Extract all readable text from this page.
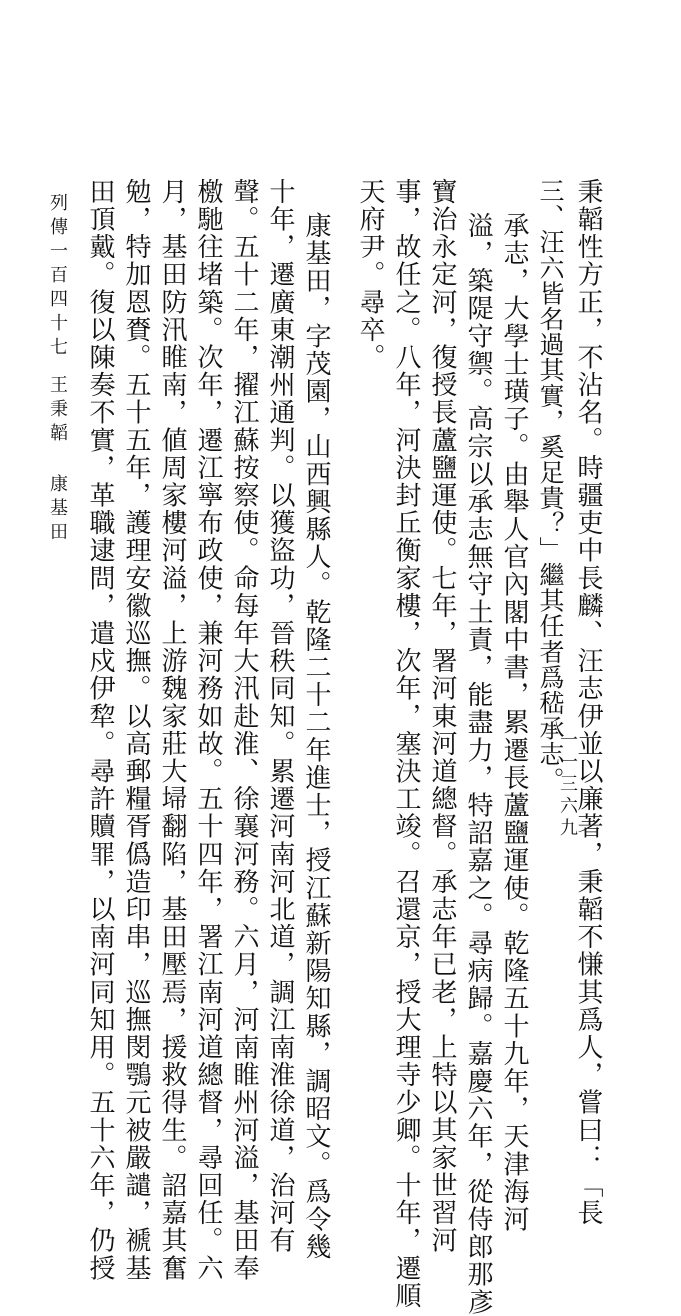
秉韜性方正，不沾名。時疆吏中長麟、汪志伊並以廉著，秉韜不慊其爲人，嘗曰：「長
三、汪六皆名過其實，奚足貴？」繼其任者爲嵇承志。
承志，大學士璜子。由舉人官內閣中書，累遷長蘆鹽運使。乾隆五十九年，天津海河
溢，築隄守禦。高宗以承志無守土責，能盡力，特詔嘉之。尋病歸。嘉慶六年，從侍郎那彥
寶治永定河，復授長蘆鹽運使。七年，署河東河道總督。承志年已老，上特以其家世習河
事，故任之。八年，河決封丘衡家樓，次年，塞決工竣。召還京，授大理寺少卿。十年，遷順
天府尹。尋卒。
康基田，字茂園，山西興縣人。乾隆二十二年進士，授江蘇新陽知縣，調昭文。爲令幾
十年，遷廣東潮州通判。以獲盜功，晉秩同知。累遷河南河北道，調江南淮徐道，治河有
聲。五十二年，擢江蘇按察使。命每年大汛赴淮、徐襄河務。六月，河南睢州河溢，基田奉
檄馳往堵築。次年，遷江寧布政使，兼河務如故。五十四年，署江南河道總督，尋回任。六
月，基田防汛睢南，値周家樓河溢，上游魏家莊大埽翻陷，基田壓焉，援救得生。詔嘉其奮
勉，特加恩賚。五十五年，護理安徽巡撫。以高郵糧胥僞造印串，巡撫閔鶚元被嚴譴，褫基
田頂戴。復以陳奏不實，革職逮問，遣戍伊犂。尋許贖罪，以南河同知用。五十六年，仍授
列傳一百四十七
王秉韜 康基田
一一三六九
